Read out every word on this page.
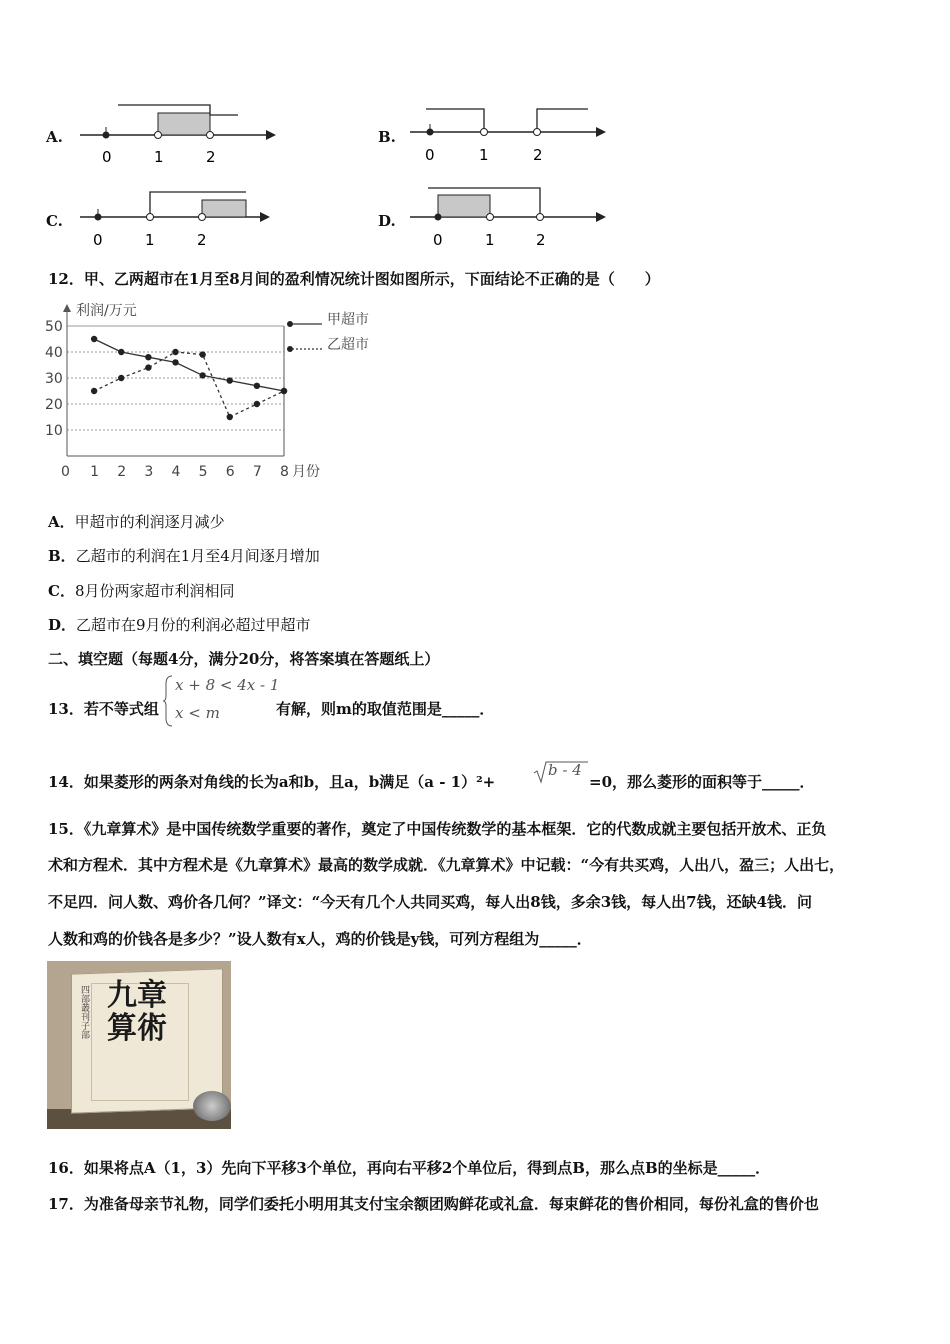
A.
0	1	2
B.
0	1	2
C.
0	1	2
D.
0	1	2
12．甲、乙两超市在1月至8月间的盈利情况统计图如图所示，下面结论不正确的是（　　）
10
20
30
40
50
0 1 2 3 4 5 6 7 8
利润/万元
月份
甲超市
乙超市
A．甲超市的利润逐月减少
B．乙超市的利润在1月至4月间逐月增加
C．8月份两家超市利润相同
D．乙超市在9月份的利润必超过甲超市
二、填空题（每题4分，满分20分，将答案填在答题纸上）
13．若不等式组
x + 8 < 4x - 1
x < m	有解，则m的取值范围是_____．
14．如果菱形的两条对角线的长为a和b，且a，b满足（a - 1）²+
b - 4
=0，那么菱形的面积等于_____．
15．《九章算术》是中国传统数学重要的著作，奠定了中国传统数学的基本框架．它的代数成就主要包括开放术、正负
术和方程术．其中方程术是《九章算术》最高的数学成就．《九章算术》中记载：“今有共买鸡，人出八，盈三；人出七，
不足四．问人数、鸡价各几何？”译文：“今天有几个人共同买鸡，每人出8钱，多余3钱，每人出7钱，还缺4钱．问
人数和鸡的价钱各是多少？”设人数有x人，鸡的价钱是y钱，可列方程组为_____．
四部叢刊子部 九章算術
16．如果将点A（1，3）先向下平移3个单位，再向右平移2个单位后，得到点B，那么点B的坐标是_____．
17．为准备母亲节礼物，同学们委托小明用其支付宝余额团购鲜花或礼盒．每束鲜花的售价相同，每份礼盒的售价也
